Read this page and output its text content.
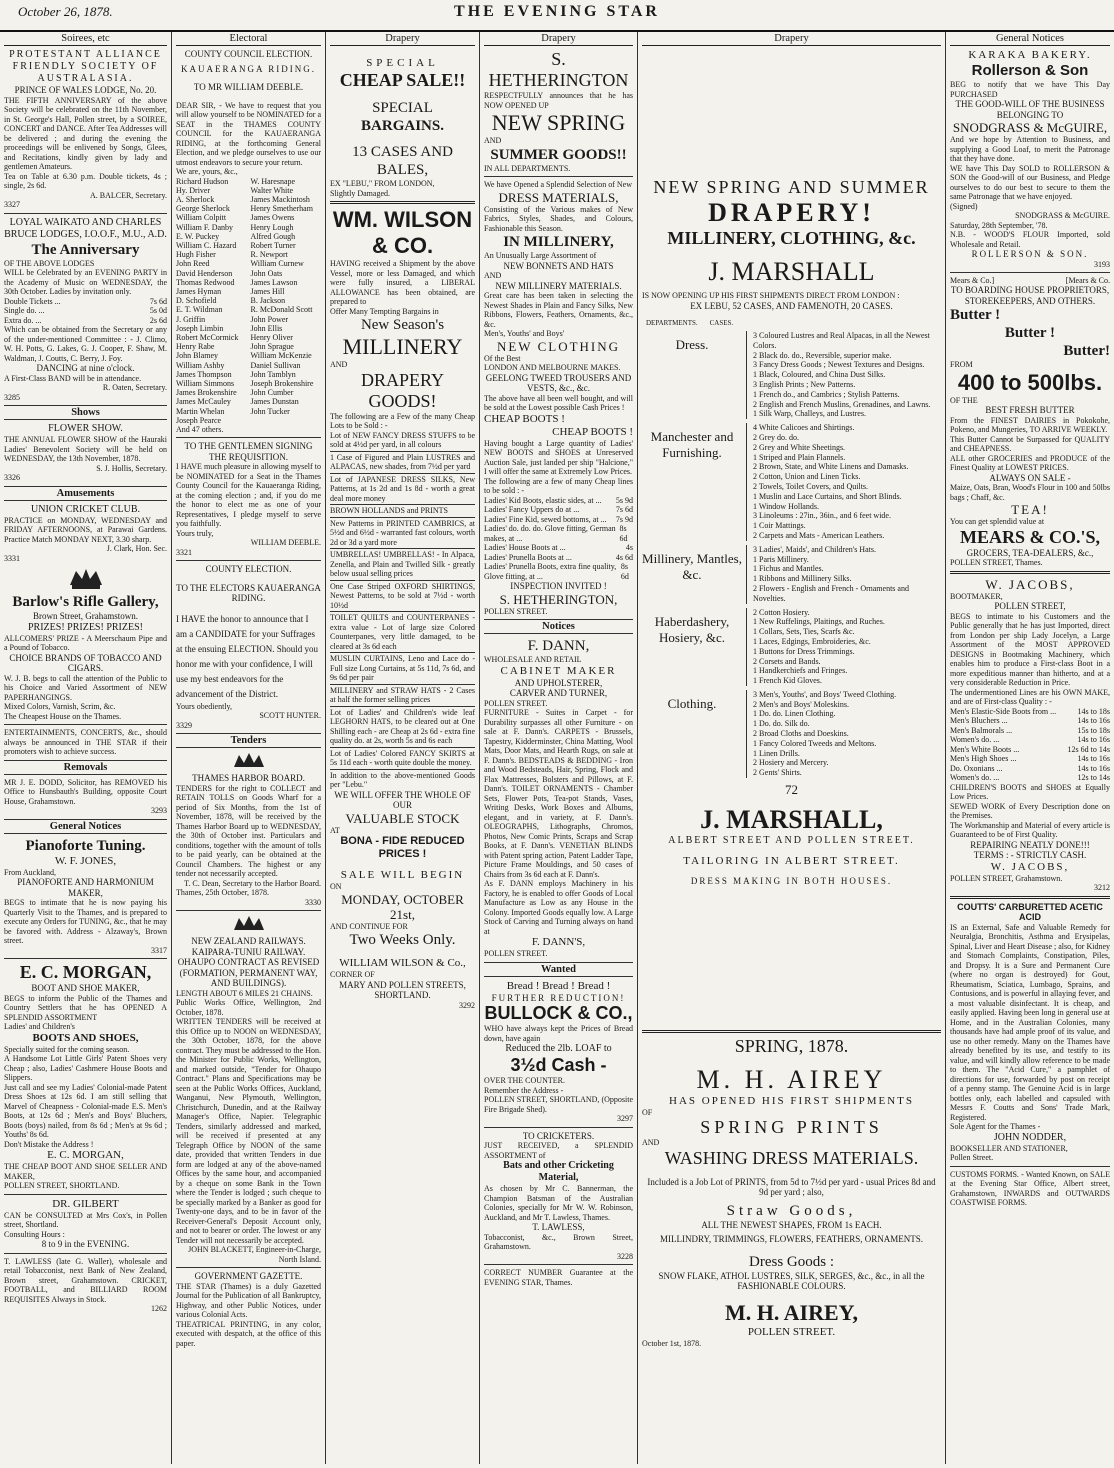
October 26, 1878.	THE EVENING STAR
Soirees, etc
PROTESTANT ALLIANCE FRIENDLY SOCIETY OF AUSTRALASIA.
PRINCE OF WALES LODGE, No. 20.
THE FIFTH ANNIVERSARY of the above Society will be celebrated on the 11th November, in St. George's Hall, Pollen street, by a SOIREE, CONCERT and DANCE. After Tea Addresses will be delivered ; and during the evening the proceedings will be enlivened by Songs, Glees, and Recitations, kindly given by lady and gentlemen Amateurs.
Tea on Table at 6.30 p.m. Double tickets, 4s ; single, 2s 6d.
A. BALCER, Secretary.
3327
LOYAL WAIKATO AND CHARLES BRUCE LODGES, I.O.O.F., M.U., A.D.
The Anniversary
OF THE ABOVE LODGES
WILL be Celebrated by an EVENING PARTY in the Academy of Music on WEDNESDAY, the 30th October. Ladies by invitation only.
Double Tickets ...	7s 6d
Single do. ...	5s 0d
Extra do. ...	2s 6d
Which can be obtained from the Secretary or any of the under-mentioned Committee : - J. Climo, W. H. Potts, G. Lakes, G. J. Cooper, F. Shaw, M. Waldman, J. Coutts, C. Berry, J. Foy.
DANCING at nine o'clock.
A First-Class BAND will be in attendance.
R. Oaten, Secretary.
3285
Shows
FLOWER SHOW.
THE ANNUAL FLOWER SHOW of the Hauraki Ladies' Benevolent Society will be held on WEDNESDAY, the 13th November, 1878.
S. J. Hollis, Secretary.
3326
Amusements
UNION CRICKET CLUB.
PRACTICE on MONDAY, WEDNESDAY and FRIDAY AFTERNOONS, at Parawai Gardens. Practice Match MONDAY NEXT, 3.30 sharp.
J. Clark, Hon. Sec.
3331
Barlow's Rifle Gallery,
Brown Street, Grahamstown.
PRIZES! PRIZES! PRIZES!
ALLCOMERS' PRIZE - A Meerschaum Pipe and a Pound of Tobacco.
CHOICE BRANDS OF TOBACCO AND CIGARS.
W. J. B. begs to call the attention of the Public to his Choice and Varied Assortment of NEW PAPERHANGINGS.
Mixed Colors, Varnish, Scrim, &c.
The Cheapest House on the Thames.
ENTERTAINMENTS, CONCERTS, &c., should always be announced in THE STAR if their promoters wish to achieve success.
Removals
MR J. E. DODD, Solicitor, has REMOVED his Office to Hunsbauth's Building, opposite Court House, Grahamstown.
3293
General Notices
Pianoforte Tuning.
W. F. JONES,
From Auckland,
PIANOFORTE AND HARMONIUM MAKER,
BEGS to intimate that he is now paying his Quarterly Visit to the Thames, and is prepared to execute any Orders for TUNING, &c., that he may be favored with. Address - Alzaway's, Brown street.
3317
E. C. MORGAN,
BOOT AND SHOE MAKER,
BEGS to inform the Public of the Thames and Country Settlers that he has OPENED A SPLENDID ASSORTMENT
Ladies' and Children's
BOOTS AND SHOES,
Specially suited for the coming season.
A Handsome Lot Little Girls' Patent Shoes very Cheap ; also, Ladies' Cashmere House Boots and Slippers.
Just call and see my Ladies' Colonial-made Patent Dress Shoes at 12s 6d. I am still selling that Marvel of Cheapness - Colonial-made E.S. Men's Boots, at 12s 6d ; Men's and Boys' Bluchers, Boots (boys) nailed, from 8s 6d ; Men's at 9s 6d ; Youths' 8s 6d.
Don't Mistake the Address !
E. C. MORGAN,
THE CHEAP BOOT AND SHOE SELLER AND MAKER,
POLLEN STREET, SHORTLAND.
DR. GILBERT
CAN be CONSULTED at Mrs Cox's, in Pollen street, Shortland.
Consulting Hours :
8 to 9 in the EVENING.
T. LAWLESS (late G. Waller), wholesale and retail Tobacconist, next Bank of New Zealand, Brown street, Grahamstown. CRICKET, FOOTBALL, and BILLIARD ROOM REQUISITES Always in Stock.
1262
Electoral
COUNTY COUNCIL ELECTION.
KAUAERANGA RIDING.
TO MR WILLIAM DEEBLE.
DEAR SIR, - We have to request that you will allow yourself to be NOMINATED for a SEAT in the THAMES COUNTY COUNCIL for the KAUAERANGA RIDING, at the forthcoming General Election, and we pledge ourselves to use our utmost endeavors to secure your return.
We are, yours, &c.,
Richard Hudson	W. Haresnape
Hy. Driver	Walter White
A. Sherlock	James Mackintosh
George Sherlock	Henry Smetherham
William Colpitt	James Owens
William F. Danby	Henry Lough
E. W. Puckey	Alfred Gough
William C. Hazard	Robert Turner
Hugh Fisher	R. Newport
John Reed	William Curnew
David Henderson	John Oats
Thomas Redwood	James Lawson
James Hyman	James Hill
D. Schofield	B. Jackson
E. T. Wildman	R. McDonald Scott
J. Griffin	John Power
Joseph Limbin	John Ellis
Robert McCormick	Henry Oliver
Henry Rabe	John Sprague
John Blamey	William McKenzie
William Ashby	Daniel Sullivan
James Thompson	John Tamblyn
William Simmons	Joseph Brokenshire
James Brokenshire	John Cumber
James McCauley	James Dunstan
Martin Whelan	John Tucker
Joseph Pearce
And 47 others.
TO THE GENTLEMEN SIGNING THE REQUISITION.
I HAVE much pleasure in allowing myself to be NOMINATED for a Seat in the Thames County Council for the Kauaeranga Riding, at the coming election ; and, if you do me the honor to elect me as one of your Representatives, I pledge myself to serve you faithfully.
Yours truly,
WILLIAM DEEBLE.
3321
COUNTY ELECTION.
TO THE ELECTORS KAUAERANGA RIDING.
I HAVE the honor to announce that I am a CANDIDATE for your Suffrages at the ensuing ELECTION. Should you honor me with your confidence, I will use my best endeavors for the advancement of the District.
Yours obediently,
SCOTT HUNTER.
3329
Tenders
THAMES HARBOR BOARD.
TENDERS for the right to COLLECT and RETAIN TOLLS on Goods Wharf for a period of Six Months, from the 1st of November, 1878, will be received by the Thames Harbor Board up to WEDNESDAY, the 30th of October inst. Particulars and conditions, together with the amount of tolls to be paid yearly, can be obtained at the Council Chambers. The highest or any tender not necessarily accepted.
T. C. Dean, Secretary to the Harbor Board.
Thames, 25th October, 1878.
3330
NEW ZEALAND RAILWAYS.
KAIPARA-TUNIU RAILWAY.
OHAUPO CONTRACT AS REVISED (FORMATION, PERMANENT WAY, AND BUILDINGS).
LENGTH ABOUT 6 MILES 21 CHAINS.
Public Works Office, Wellington, 2nd October, 1878.
WRITTEN TENDERS will be received at this Office up to NOON on WEDNESDAY, the 30th October, 1878, for the above contract. They must be addressed to the Hon. the Minister for Public Works, Wellington, and marked outside, "Tender for Ohaupo Contract." Plans and Specifications may be seen at the Public Works Offices, Auckland, Wanganui, New Plymouth, Wellington, Christchurch, Dunedin, and at the Railway Manager's Office, Napier. Telegraphic Tenders, similarly addressed and marked, will be received if presented at any Telegraph Office by NOON of the same date, provided that written Tenders in due form are lodged at any of the above-named Offices by the same hour, and accompanied by a cheque on some Bank in the Town where the Tender is lodged ; such cheque to be specially marked by a Banker as good for Twenty-one days, and to be in favor of the Receiver-General's Deposit Account only, and not to bearer or order. The lowest or any Tender will not necessarily be accepted.
JOHN BLACKETT, Engineer-in-Charge, North Island.
GOVERNMENT GAZETTE.
THE STAR (Thames) is a duly Gazetted Journal for the Publication of all Bankruptcy, Highway, and other Public Notices, under various Colonial Acts.
THEATRICAL PRINTING, in any color, executed with despatch, at the office of this paper.
Drapery
SPECIAL
CHEAP SALE!!
SPECIAL
BARGAINS.
13 CASES AND BALES,
EX "LEBU," FROM LONDON,
Slightly Damaged.
WM. WILSON & CO.
HAVING received a Shipment by the above Vessel, more or less Damaged, and which were fully insured, a LIBERAL ALLOWANCE has been obtained, are prepared to
Offer Many Tempting Bargains in
New Season's
MILLINERY
AND
DRAPERY GOODS!
The following are a Few of the many Cheap Lots to be Sold : -
Lot of NEW FANCY DRESS STUFFS to be sold at 4½d per yard, in all colours
1 Case of Figured and Plain LUSTRES and ALPACAS, new shades, from 7½d per yard
Lot of JAPANESE DRESS SILKS, New Patterns, at 1s 2d and 1s 8d - worth a great deal more money
BROWN HOLLANDS and PRINTS
New Patterns in PRINTED CAMBRICS, at 5½d and 6½d - warranted fast colours, worth 2d or 3d a yard more
UMBRELLAS! UMBRELLAS! - In Alpaca, Zenella, and Plain and Twilled Silk - greatly below usual selling prices
One Case Striped OXFORD SHIRTINGS, Newest Patterns, to be sold at 7½d - worth 10½d
TOILET QUILTS and COUNTERPANES - extra value - Lot of large size Colored Counterpanes, very little damaged, to be cleared at 3s 6d each
MUSLIN CURTAINS, Leno and Lace do - Full size Long Curtains, at 5s 11d, 7s 6d, and 9s 6d per pair
MILLINERY and STRAW HATS - 2 Cases at half the former selling prices
Lot of Ladies' and Children's wide leaf LEGHORN HATS, to be cleared out at One Shilling each - are Cheap at 2s 6d - extra fine quality do. at 2s, worth 5s and 6s each
Lot of Ladies' Colored FANCY SKIRTS at 5s 11d each - worth quite double the money.
In addition to the above-mentioned Goods per "Lebu."
WE WILL OFFER THE WHOLE OF
OUR
VALUABLE STOCK
AT
BONA - FIDE REDUCED PRICES !
SALE WILL BEGIN
ON
MONDAY, OCTOBER 21st,
AND CONTINUE FOR
Two Weeks Only.
WILLIAM WILSON & Co.,
CORNER OF
MARY AND POLLEN STREETS,
SHORTLAND.
3292
Drapery
S. HETHERINGTON
RESPECTFULLY announces that he has NOW OPENED UP
NEW SPRING
AND
SUMMER GOODS!!
IN ALL DEPARTMENTS.
We have Opened a Splendid Selection of New
DRESS MATERIALS,
Consisting of the Various makes of New Fabrics, Styles, Shades, and Colours, Fashionable this Season.
IN MILLINERY,
An Unusually Large Assortment of
NEW BONNETS AND HATS
AND
NEW MILLINERY MATERIALS.
Great care has been taken in selecting the Newest Shades in Plain and Fancy Silks, New Ribbons, Flowers, Feathers, Ornaments, &c., &c.
Men's, Youths' and Boys'
NEW CLOTHING
Of the Best
LONDON AND MELBOURNE MAKES.
GEELONG TWEED TROUSERS AND
VESTS, &c., &c.
The above have all been well bought, and will be sold at the Lowest possible Cash Prices !
CHEAP BOOTS !
CHEAP BOOTS !
Having bought a Large quantity of Ladies' NEW BOOTS and SHOES at Unreserved Auction Sale, just landed per ship "Halcione," I will offer the same at Extremely Low Prices.
The following are a few of many Cheap lines to be sold : -
Ladies' Kid Boots, elastic sides, at ... 5s 9d
Ladies' Fancy Uppers do at ...	7s 6d
Ladies' Fine Kid, sewed bottoms, at ... 7s 9d
Ladies' do. do. do. Glove fitting, German makes, at ...
8s 6d
Ladies' House Boots at ...	4s
Ladies' Prunella Boots at ...	4s 6d
Ladies' Prunella Boots, extra fine quality, Glove fitting, at ...
8s 6d
INSPECTION INVITED !
S. HETHERINGTON,
POLLEN STREET.
Notices
F. DANN,
WHOLESALE AND RETAIL
CABINET MAKER
AND UPHOLSTERER,
CARVER AND TURNER,
POLLEN STREET.
FURNITURE - Suites in Carpet - for Durability surpasses all other Furniture - on sale at F. Dann's. CARPETS - Brussels, Tapestry, Kidderminster, China Matting, Wool Mats, Door Mats, and Hearth Rugs, on sale at F. Dann's. BEDSTEADS & BEDDING - Iron and Wood Bedsteads, Hair, Spring, Flock and Flax Mattresses, Bolsters and Pillows, at F. Dann's. TOILET ORNAMENTS - Chamber Sets, Flower Pots, Tea-pot Stands, Vases, Writing Desks, Work Boxes and Albums, elegant, and in variety, at F. Dann's. OLEOGRAPHS, Lithographs, Chromos, Photos, New Comic Prints, Scraps and Scrap Books, at F. Dann's. VENETIAN BLINDS with Patent spring action, Patent Ladder Tape, Picture Frame Mouldings, and 50 cases of Chairs from 3s 6d each at F. Dann's.
As F. DANN employs Machinery in his Factory, he is enabled to offer Goods of Local Manufacture as Low as any House in the Colony. Imported Goods equally low. A Large Stock of Carving and Turning always on hand at
F. DANN'S,
POLLEN STREET.
Wanted
Bread ! Bread ! Bread !
FURTHER REDUCTION!
BULLOCK & CO.,
WHO have always kept the Prices of Bread down, have again
Reduced the 2lb. LOAF to
3½d Cash -
OVER THE COUNTER.
Remember the Address -
POLLEN STREET, SHORTLAND, (Opposite Fire Brigade Shed).
3297
TO CRICKETERS.
JUST RECEIVED, a SPLENDID ASSORTMENT of
Bats and other Cricketing Material,
As chosen by Mr C. Bannerman, the Champion Batsman of the Australian Colonies, specially for Mr W. W. Robinson, Auckland, and Mr T. Lawless, Thames.
T. LAWLESS,
Tobacconist, &c., Brown Street, Grahamstown.
3228
CORRECT NUMBER Guarantee at the EVENING STAR, Thames.
Drapery
NEW SPRING AND SUMMER
DRAPERY!
MILLINERY, CLOTHING, &c.
J. MARSHALL
IS NOW OPENING UP HIS FIRST SHIPMENTS DIRECT FROM LONDON :
EX LEBU, 52 CASES, AND FAMENOTH, 20 CASES.
DEPARTMENTS. CASES.
Dress.
3 Coloured Lustres and Real Alpacas, in all the Newest Colors.
2 Black do. do., Reversible, superior make.
3 Fancy Dress Goods ; Newest Textures and Designs.
1 Black, Coloured, and China Dust Silks.
3 English Prints ; New Patterns.
1 French do., and Cambrics ; Stylish Patterns.
2 English and French Muslins, Grenadines, and Lawns.
1 Silk Warp, Challeys, and Lustres.
Manchester and Furnishing.
4 White Calicoes and Shirtings.
2 Grey do. do.
2 Grey and White Sheetings.
1 Striped and Plain Flannels.
2 Brown, State, and White Linens and Damasks.
2 Cotton, Union and Linen Ticks.
2 Towels, Toilet Covers, and Quilts.
1 Muslin and Lace Curtains, and Short Blinds.
1 Window Hollands.
3 Linoleums : 27in., 36in., and 6 feet wide.
1 Coir Mattings.
2 Carpets and Mats - American Leathers.
Millinery, Mantles, &c.
3 Ladies', Maids', and Children's Hats.
1 Paris Millinery.
1 Fichus and Mantles.
1 Ribbons and Millinery Silks.
2 Flowers - English and French - Ornaments and Novelties.
Haberdashery, Hosiery, &c.
2 Cotton Hosiery.
1 New Ruffelings, Plaitings, and Ruches.
1 Collars, Sets, Ties, Scarfs &c.
1 Laces, Edgings, Embroideries, &c.
1 Buttons for Dress Trimmings.
2 Corsets and Bands.
1 Handkerchiefs and Fringes.
1 French Kid Gloves.
Clothing.
3 Men's, Youths', and Boys' Tweed Clothing.
2 Men's and Boys' Moleskins.
1 Do. do. Linen Clothing.
1 Do. do. Silk do.
2 Broad Cloths and Doeskins.
1 Fancy Colored Tweeds and Meltons.
1 Linen Drills.
2 Hosiery and Mercery.
2 Gents' Shirts.
72
J. MARSHALL,
ALBERT STREET AND POLLEN STREET.
TAILORING IN ALBERT STREET.
DRESS MAKING IN BOTH HOUSES.
SPRING, 1878.
M. H. AIREY
HAS OPENED HIS FIRST SHIPMENTS
OF
SPRING PRINTS
AND
WASHING DRESS MATERIALS.
Included is a Job Lot of PRINTS, from 5d to 7½d per yard - usual Prices 8d and 9d per yard ; also,
Straw Goods,
ALL THE NEWEST SHAPES, FROM 1s EACH.
MILLINDRY, TRIMMINGS, FLOWERS, FEATHERS, ORNAMENTS.
Dress Goods :
SNOW FLAKE, ATHOL LUSTRES, SILK, SERGES, &c., &c., in all the FASHIONABLE COLOURS.
M. H. AIREY,
POLLEN STREET.
October 1st, 1878.
General Notices
KARAKA BAKERY.
Rollerson & Son
BEG to notify that we have This Day PURCHASED
THE GOOD-WILL OF THE BUSINESS BELONGING TO
SNODGRASS & McGUIRE,
And we hope by Attention to Business, and supplying a Good Loaf, to merit the Patronage that they have done.
WE have This Day SOLD to ROLLERSON & SON the Good-will of our Business, and Pledge ourselves to do our best to secure to them the same Patronage that we have enjoyed.
(Signed)
SNODGRASS & McGUIRE.
Saturday, 28th September, '78.
N.B. - WOOD'S FLOUR Imported, sold Wholesale and Retail.
ROLLERSON & SON.
3193
Mears & Co.]	[Mears & Co.
TO BOARDING HOUSE PROPRIETORS, STOREKEEPERS, AND OTHERS.
Butter !
Butter !
Butter!
FROM
400 to 500lbs.
OF THE
BEST FRESH BUTTER
From the FINEST DAIRIES in Pokokohe, Pokeno, and Mungeries, TO ARRIVE WEEKLY.
This Butter Cannot be Surpassed for QUALITY and CHEAPNESS.
ALL other GROCERIES and PRODUCE of the Finest Quality at LOWEST PRICES.
ALWAYS ON SALE -
Maize, Oats, Bran, Wood's Flour in 100 and 50lbs bags ; Chaff, &c.
TEA!
You can get splendid value at
MEARS & CO.'S,
GROCERS, TEA-DEALERS, &c.,
POLLEN STREET, Thames.
W. JACOBS,
BOOTMAKER,
POLLEN STREET,
BEGS to intimate to his Customers and the Public generally that he has just Imported, direct from London per ship Lady Jocelyn, a Large Assortment of the MOST APPROVED DESIGNS in Bootmaking Machinery, which enables him to produce a First-class Boot in a more expeditious manner than hitherto, and at a very considerable Reduction in Price.
The undermentioned Lines are his OWN MAKE, and are of First-class Quality : -
Men's Elastic-Side Boots from ...	14s to 18s
Men's Bluchers ...	14s to 16s
Men's Balmorals ...	15s to 18s
Women's do. ...	14s to 16s
Men's White Boots ...	12s 6d to 14s
Men's High Shoes ...	14s to 16s
Do. Oxonians ...	14s to 16s
Women's do. ...	12s to 14s
CHILDREN'S BOOTS and SHOES at Equally Low Prices.
SEWED WORK of Every Description done on the Premises.
The Workmanship and Material of every article is Guaranteed to be of First Quality.
REPAIRING NEATLY DONE!!!
TERMS : - STRICTLY CASH.
W. JACOBS,
POLLEN STREET, Grahamstown.
3212
COUTTS' CARBURETTED ACETIC ACID
IS an External, Safe and Valuable Remedy for Neuralgia, Bronchitis, Asthma and Erysipelas, Spinal, Liver and Heart Disease ; also, for Kidney and Stomach Complaints, Constipation, Piles, and Dropsy. It is a Sure and Permanent Cure (where no organ is destroyed) for Gout, Rheumatism, Sciatica, Lumbago, Sprains, and Contusions, and is powerful in allaying fever, and a most valuable disinfectant. It is cheap, and easily applied. Having been long in general use at Home, and in the Australian Colonies, many thousands have had ample proof of its value, and use no other remedy. Many on the Thames have already benefited by its use, and testify to its value, and will kindly allow reference to be made to them. The "Acid Cure," a pamphlet of directions for use, forwarded by post on receipt of a penny stamp. The Genuine Acid is in large bottles only, each labelled and capsuled with Messrs F. Coutts and Sons' Trade Mark, Registered.
Sole Agent for the Thames -
JOHN NODDER,
BOOKSELLER AND STATIONER,
Pollen Street.
CUSTOMS FORMS. - Wanted Known, on SALE at the Evening Star Office, Albert street, Grahamstown, INWARDS and OUTWARDS COASTWISE FORMS.
